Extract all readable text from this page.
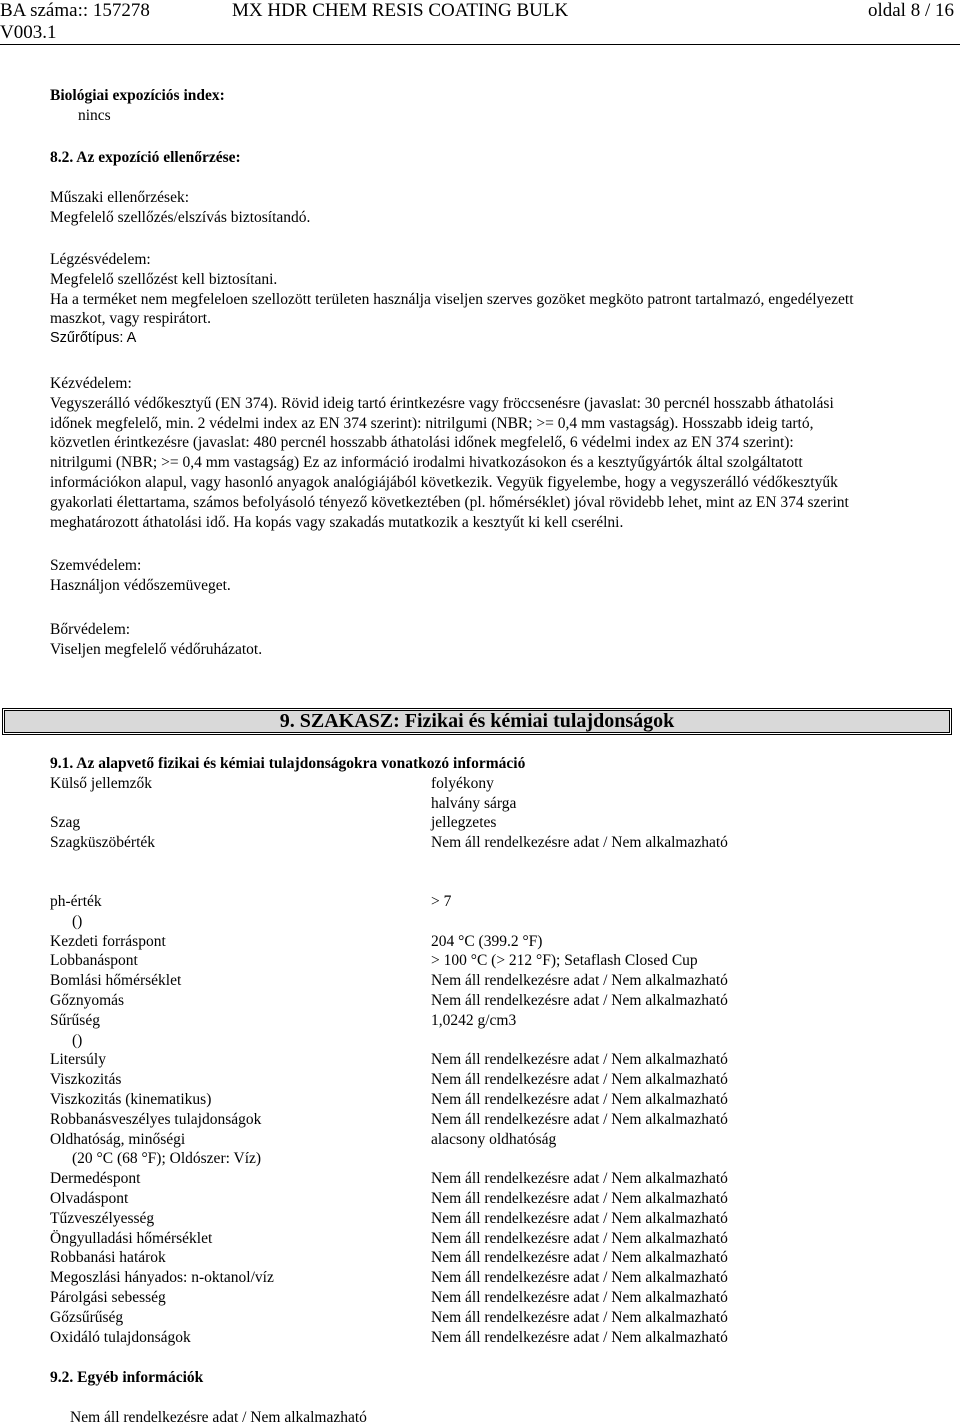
BA száma:: 157278	MX HDR CHEM RESIS COATING BULK	oldal 8 / 16
V003.1

Biológiai expozíciós index:

nincs

8.2. Az expozíció ellenőrzése:

Műszaki ellenőrzések:

Megfelelő szellőzés/elszívás biztosítandó.

Légzésvédelem:

Megfelelő szellőzést kell biztosítani.

Ha a terméket nem megfeleloen szellozött területen használja viseljen szerves gozöket megköto patront tartalmazó, engedélyezett

maszkot, vagy respirátort.

Szűrőtípus: A

Kézvédelem:

Vegyszerálló védőkesztyű (EN 374). Rövid ideig tartó érintkezésre vagy fröccsenésre (javaslat: 30 percnél hosszabb áthatolási

időnek megfelelő, min. 2 védelmi index az EN 374 szerint): nitrilgumi (NBR; >= 0,4 mm vastagság). Hosszabb ideig tartó,

közvetlen érintkezésre (javaslat: 480 percnél hosszabb áthatolási időnek megfelelő, 6 védelmi index az EN 374 szerint):

nitrilgumi (NBR; >= 0,4 mm vastagság) Ez az információ irodalmi hivatkozásokon és a kesztyűgyártók által szolgáltatott

információkon alapul, vagy hasonló anyagok analógiájából következik. Vegyük figyelembe, hogy a vegyszerálló védőkesztyűk

gyakorlati élettartama, számos befolyásoló tényező következtében (pl. hőmérséklet) jóval rövidebb lehet, mint az EN 374 szerint

meghatározott áthatolási idő. Ha kopás vagy szakadás mutatkozik a kesztyűt ki kell cserélni.

Szemvédelem:

Használjon védőszemüveget.

Bőrvédelem:

Viseljen megfelelő védőruházatot.

9. SZAKASZ: Fizikai és kémiai tulajdonságok

9.1. Az alapvető fizikai és kémiai tulajdonságokra vonatkozó információ

Külső jellemzők	folyékony
halvány sárga
Szag	jellegzetes
Szagküszöbérték	Nem áll rendelkezésre adat / Nem alkalmazható
ph-érték	> 7
()
Kezdeti forráspont	204 °C (399.2 °F)
Lobbanáspont	> 100 °C (> 212 °F); Setaflash Closed Cup
Bomlási hőmérséklet	Nem áll rendelkezésre adat / Nem alkalmazható
Gőznyomás	Nem áll rendelkezésre adat / Nem alkalmazható
Sűrűség	1,0242 g/cm3
()
Litersúly	Nem áll rendelkezésre adat / Nem alkalmazható
Viszkozitás	Nem áll rendelkezésre adat / Nem alkalmazható
Viszkozitás (kinematikus)	Nem áll rendelkezésre adat / Nem alkalmazható
Robbanásveszélyes tulajdonságok	Nem áll rendelkezésre adat / Nem alkalmazható
Oldhatóság, minőségi	alacsony oldhatóság
(20 °C (68 °F); Oldószer: Víz)
Dermedéspont	Nem áll rendelkezésre adat / Nem alkalmazható
Olvadáspont	Nem áll rendelkezésre adat / Nem alkalmazható
Tűzveszélyesség	Nem áll rendelkezésre adat / Nem alkalmazható
Öngyulladási hőmérséklet	Nem áll rendelkezésre adat / Nem alkalmazható
Robbanási határok	Nem áll rendelkezésre adat / Nem alkalmazható
Megoszlási hányados: n-oktanol/víz	Nem áll rendelkezésre adat / Nem alkalmazható
Párolgási sebesség	Nem áll rendelkezésre adat / Nem alkalmazható
Gőzsűrűség	Nem áll rendelkezésre adat / Nem alkalmazható
Oxidáló tulajdonságok	Nem áll rendelkezésre adat / Nem alkalmazható

9.2. Egyéb információk

Nem áll rendelkezésre adat / Nem alkalmazható
